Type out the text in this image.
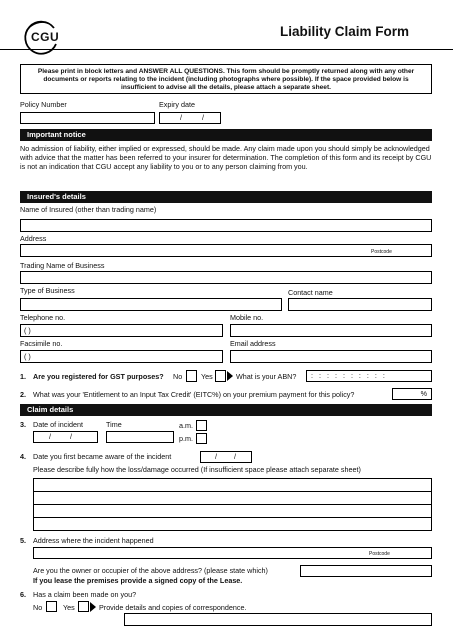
CGU	Liability Claim Form
Please print in block letters and ANSWER ALL QUESTIONS. This form should be promptly returned along with any other documents or reports relating to the incident (including photographs where possible). If the space provided below is insufficient to advise all the details, please attach a separate sheet.
Policy Number	Expiry date
/	/
Important notice
No admission of liability, either implied or expressed, should be made. Any claim made upon you should simply be acknowledged with advice that the matter has been referred to your insurer for determination. The completion of this form and its receipt by CGU is not an indication that CGU accept any liability to you or to any person claiming from you.
Insured's details
Name of Insured (other than trading name)
Address
Postcode
Trading Name of Business
Type of Business	Contact name
Telephone no.	Mobile no.
( )
Facsimile no.	Email address
( )
1. Are you registered for GST purposes? No	Yes	What is your ABN? :   :   :   :   :   :   :   :   :   :
2. What was your 'Entitlement to an Input Tax Credit' (EITC%) on your premium payment for this policy?	%
Claim details
3. Date of incident	Time	a.m.
/	/	p.m.
4. Date you first became aware of the incident	/ /
Please describe fully how the loss/damage occurred (If insufficient space please attach separate sheet)
5. Address where the incident happened
Postcode
Are you the owner or occupier of the above address? (please state which)
If you lease the premises provide a signed copy of the Lease.
6. Has a claim been made on you?
No	Yes	Provide details and copies of correspondence.
